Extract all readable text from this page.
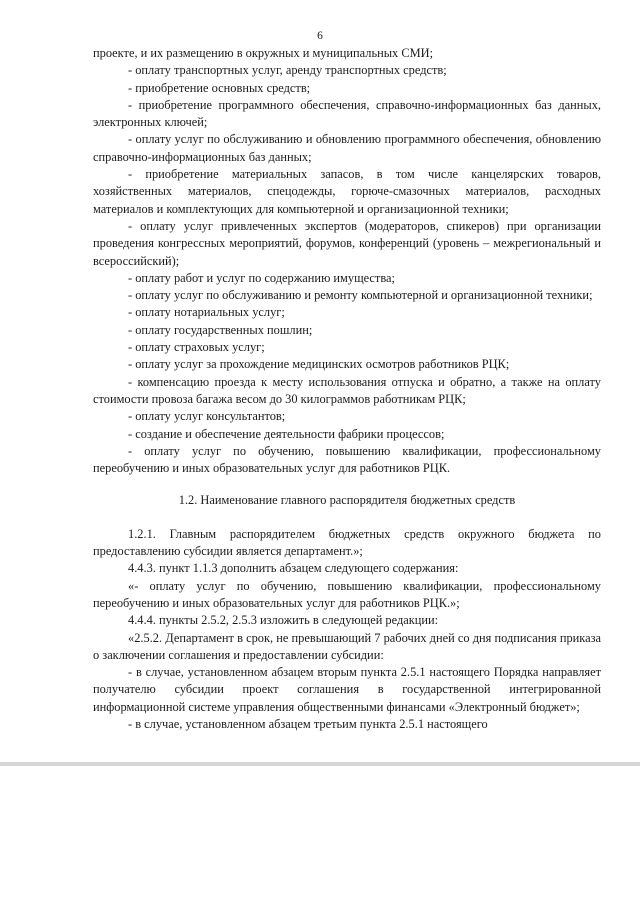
6

проекте, и их размещению в окружных и муниципальных СМИ;

- оплату транспортных услуг, аренду транспортных средств;

- приобретение основных средств;

- приобретение программного обеспечения, справочно-информационных баз данных, электронных ключей;

- оплату услуг по обслуживанию и обновлению программного обеспечения, обновлению справочно-информационных баз данных;

- приобретение материальных запасов, в том числе канцелярских товаров, хозяйственных материалов, спецодежды, горюче-смазочных материалов, расходных материалов и комплектующих для компьютерной и организационной техники;

- оплату услуг привлеченных экспертов (модераторов, спикеров) при организации проведения конгрессных мероприятий, форумов, конференций (уровень – межрегиональный и всероссийский);

- оплату работ и услуг по содержанию имущества;

- оплату услуг по обслуживанию и ремонту компьютерной и организационной техники;

- оплату нотариальных услуг;

- оплату государственных пошлин;

- оплату страховых услуг;

- оплату услуг за прохождение медицинских осмотров работников РЦК;

- компенсацию проезда к месту использования отпуска и обратно, а также на оплату стоимости провоза багажа весом до 30 килограммов работникам РЦК;

- оплату услуг консультантов;

- создание и обеспечение деятельности фабрики процессов;

- оплату услуг по обучению, повышению квалификации, профессиональному переобучению и иных образовательных услуг для работников РЦК.

1.2. Наименование главного распорядителя бюджетных средств

1.2.1. Главным распорядителем бюджетных средств окружного бюджета по предоставлению субсидии является департамент.»;

4.4.3. пункт 1.1.3 дополнить абзацем следующего содержания:

«- оплату услуг по обучению, повышению квалификации, профессиональному переобучению и иных образовательных услуг для работников РЦК.»;

4.4.4. пункты 2.5.2, 2.5.3 изложить в следующей редакции:

«2.5.2. Департамент в срок, не превышающий 7 рабочих дней со дня подписания приказа о заключении соглашения и предоставлении субсидии:

- в случае, установленном абзацем вторым пункта 2.5.1 настоящего Порядка направляет получателю субсидии проект соглашения в государственной интегрированной информационной системе управления общественными финансами «Электронный бюджет»;

- в случае, установленном абзацем третьим пункта 2.5.1 настоящего
